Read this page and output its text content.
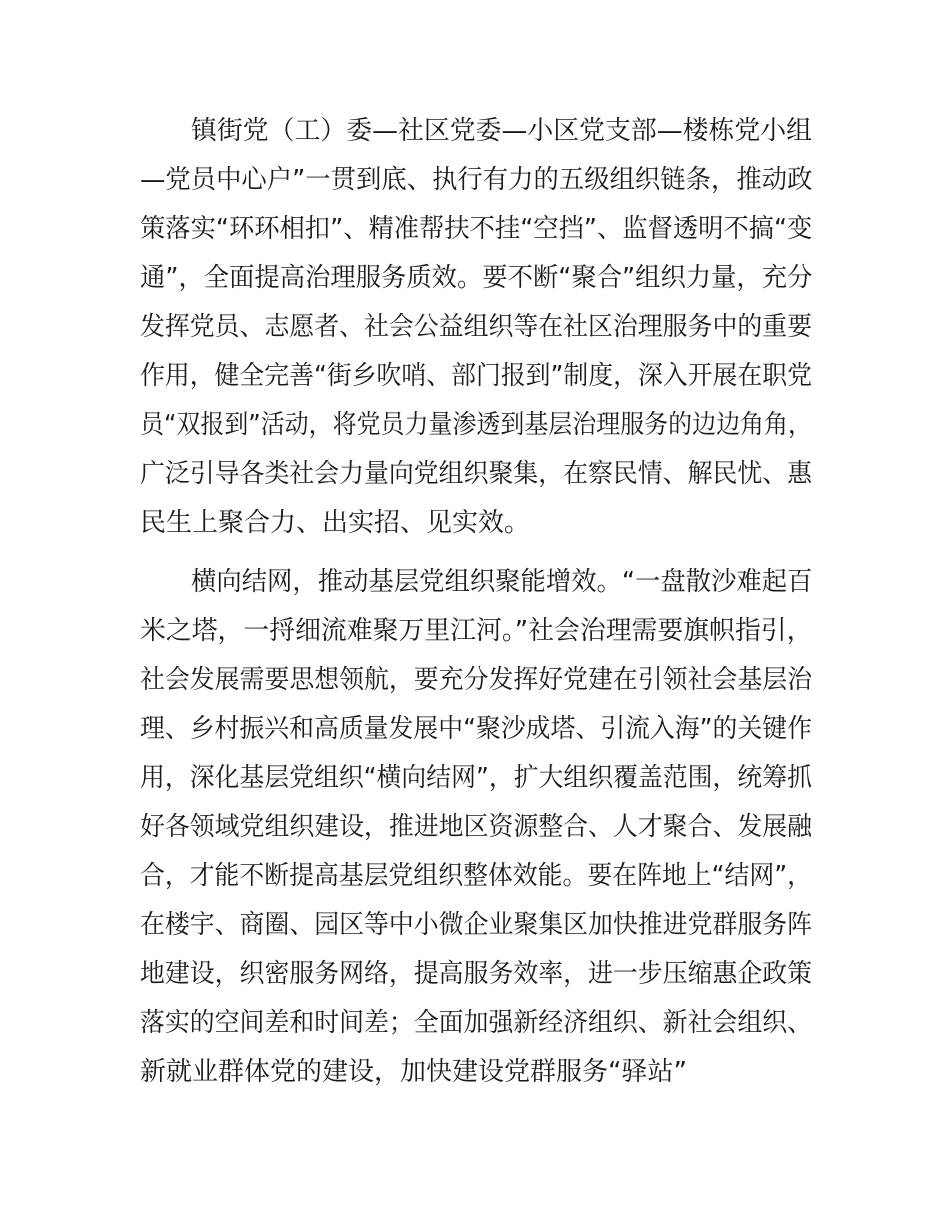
镇街党（工）委—社区党委—小区党支部—楼栋党小组
—党员中心户”一贯到底、执行有力的五级组织链条，推动政
策落实“环环相扣”、精准帮扶不挂“空挡”、监督透明不搞“变
通”，全面提高治理服务质效。要不断“聚合”组织力量，充分
发挥党员、志愿者、社会公益组织等在社区治理服务中的重要
作用，健全完善“街乡吹哨、部门报到”制度，深入开展在职党
员“双报到”活动，将党员力量渗透到基层治理服务的边边角角，
广泛引导各类社会力量向党组织聚集，在察民情、解民忧、惠
民生上聚合力、出实招、见实效。
横向结网，推动基层党组织聚能增效。“一盘散沙难起百
米之塔，一捋细流难聚万里江河。”社会治理需要旗帜指引，
社会发展需要思想领航，要充分发挥好党建在引领社会基层治
理、乡村振兴和高质量发展中“聚沙成塔、引流入海”的关键作
用，深化基层党组织“横向结网”，扩大组织覆盖范围，统筹抓
好各领域党组织建设，推进地区资源整合、人才聚合、发展融
合，才能不断提高基层党组织整体效能。要在阵地上“结网”，
在楼宇、商圈、园区等中小微企业聚集区加快推进党群服务阵
地建设，织密服务网络，提高服务效率，进一步压缩惠企政策
落实的空间差和时间差；全面加强新经济组织、新社会组织、
新就业群体党的建设，加快建设党群服务“驿站”
